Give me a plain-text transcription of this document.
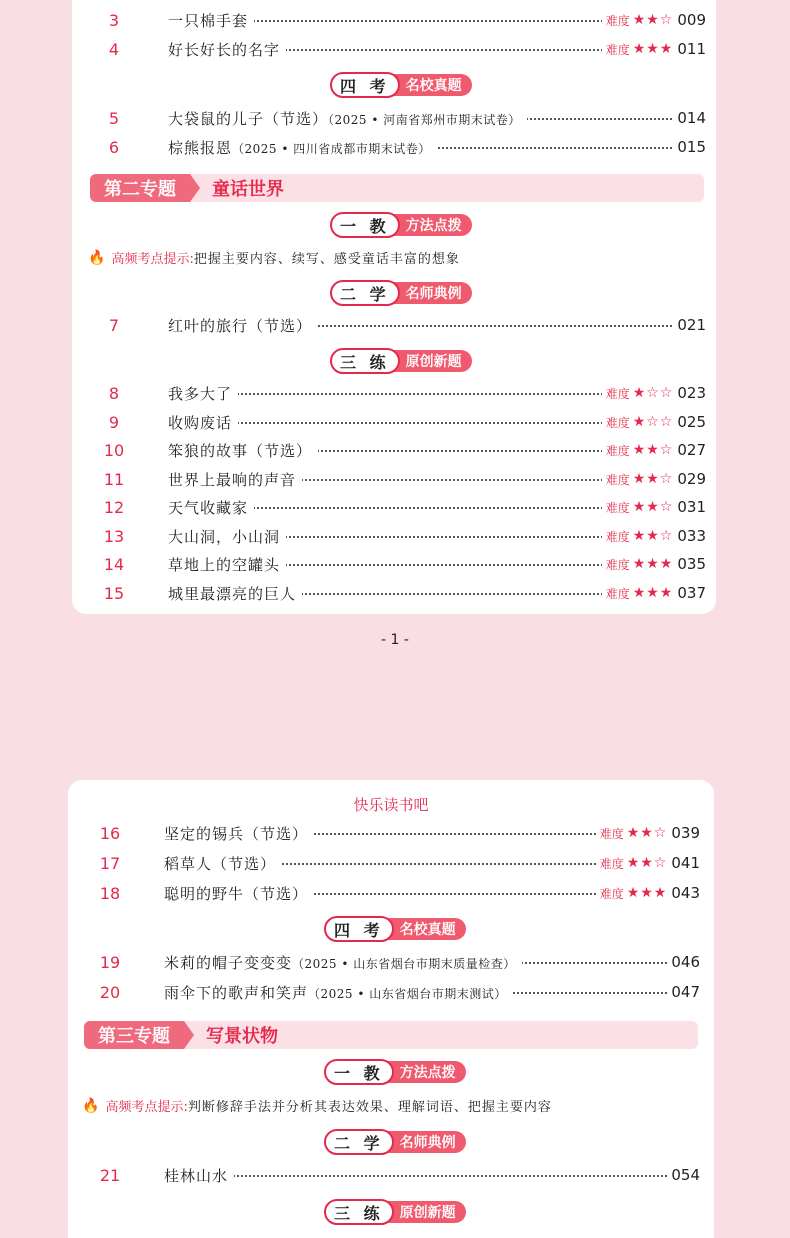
3	一只棉手套	难度 ★★☆ 009
4	好长好长的名字	难度 ★★★ 011
四 考	名校真题
5	大袋鼠的儿子（节选）（2025 • 河南省郑州市期末试卷）	014
6	棕熊报恩（2025 • 四川省成都市期末试卷）	015
第二专题	童话世界
一 教	方法点拨
🔥 高频考点提示: 把握主要内容、续写、感受童话丰富的想象
二 学	名师典例
7	红叶的旅行（节选）	021
三 练	原创新题
8	我多大了	难度 ★☆☆ 023
9	收购废话	难度 ★☆☆ 025
10	笨狼的故事（节选）	难度 ★★☆ 027
11	世界上最响的声音	难度 ★★☆ 029
12	天气收藏家	难度 ★★☆ 031
13	大山洞，小山洞	难度 ★★☆ 033
14	草地上的空罐头	难度 ★★★ 035
15	城里最漂亮的巨人	难度 ★★★ 037
- 1 -
快乐读书吧
16	坚定的锡兵（节选）	难度 ★★☆ 039
17	稻草人（节选）	难度 ★★☆ 041
18	聪明的野牛（节选）	难度 ★★★ 043
四 考	名校真题
19	米莉的帽子变变变（2025 • 山东省烟台市期末质量检查）	046
20	雨伞下的歌声和笑声（2025 • 山东省烟台市期末测试）	047
第三专题	写景状物
一 教	方法点拨
🔥 高频考点提示: 判断修辞手法并分析其表达效果、理解词语、把握主要内容
二 学	名师典例
21	桂林山水	054
三 练	原创新题
